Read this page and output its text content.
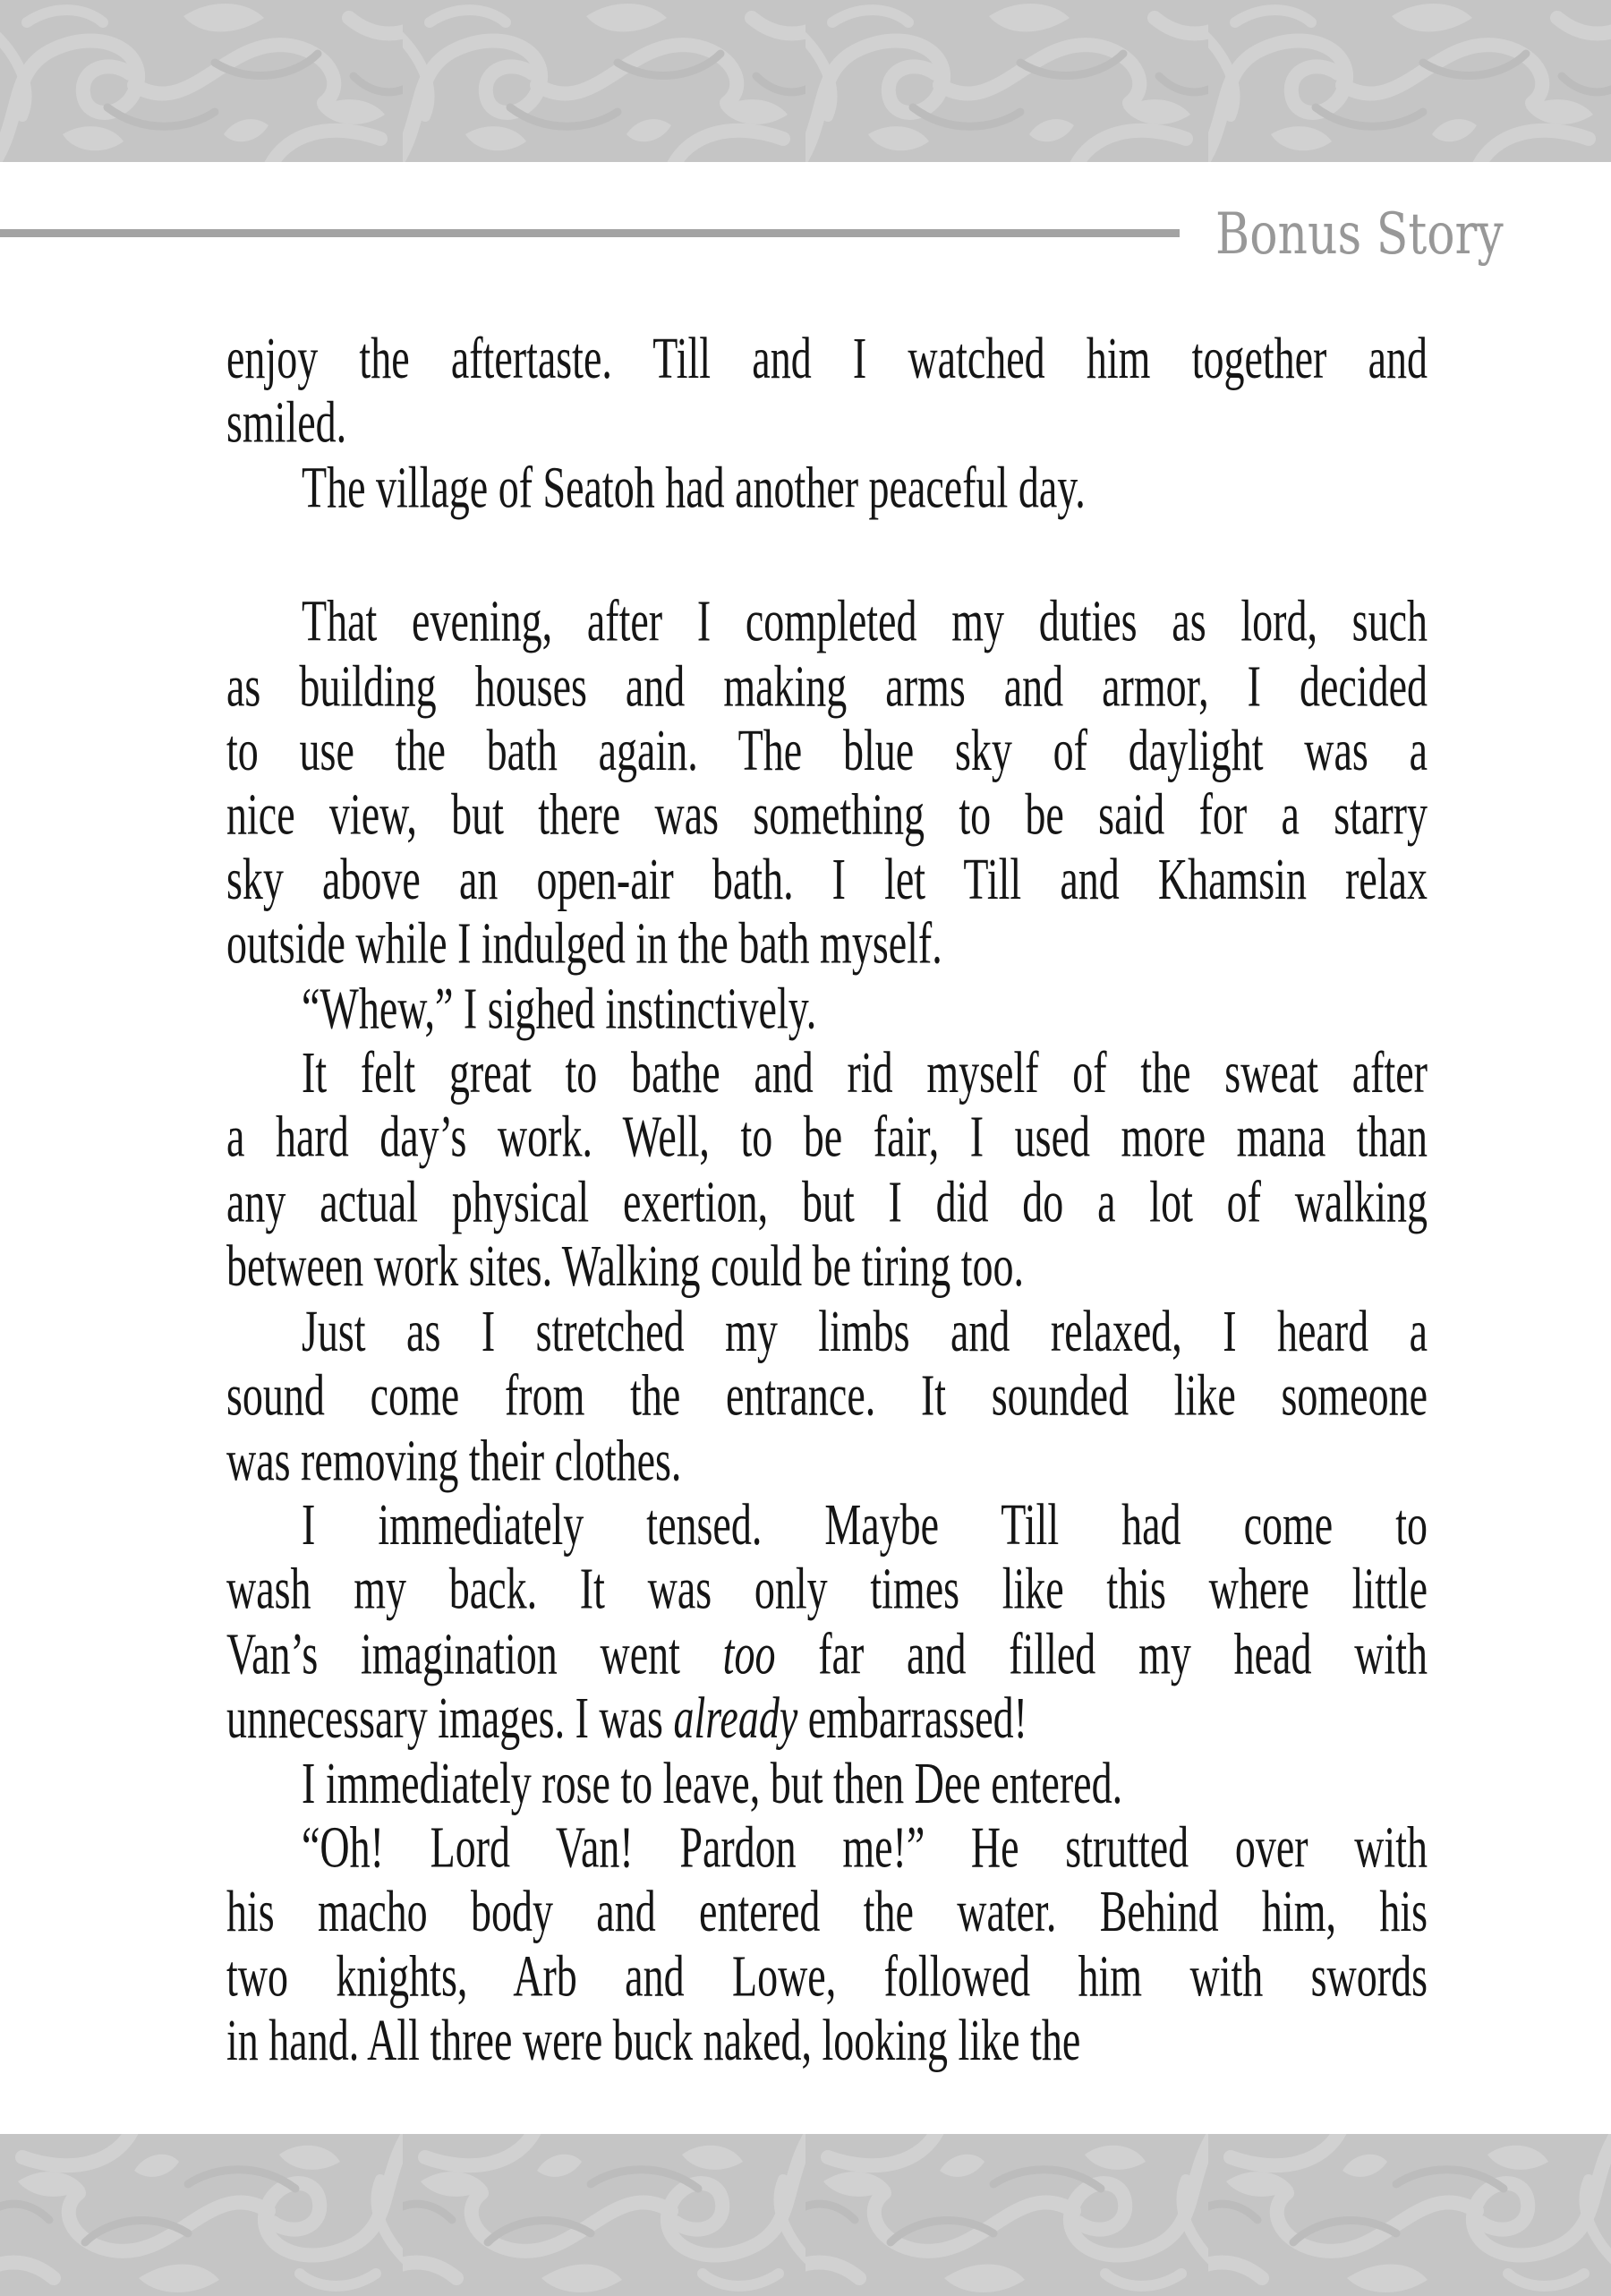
Bonus Story
enjoy the aftertaste. Till and I watched him together and
smiled.
The village of Seatoh had another peaceful day.
That evening, after I completed my duties as lord, such
as building houses and making arms and armor, I decided
to use the bath again. The blue sky of daylight was a
nice view, but there was something to be said for a starry
sky above an open-air bath. I let Till and Khamsin relax
outside while I indulged in the bath myself.
“Whew,” I sighed instinctively.
It felt great to bathe and rid myself of the sweat after
a hard day’s work. Well, to be fair, I used more mana than
any actual physical exertion, but I did do a lot of walking
between work sites. Walking could be tiring too.
Just as I stretched my limbs and relaxed, I heard a
sound come from the entrance. It sounded like someone
was removing their clothes.
I immediately tensed. Maybe Till had come to
wash my back. It was only times like this where little
Van’s imagination went too far and filled my head with
unnecessary images. I was already embarrassed!
I immediately rose to leave, but then Dee entered.
“Oh! Lord Van! Pardon me!” He strutted over with
his macho body and entered the water. Behind him, his
two knights, Arb and Lowe, followed him with swords
in hand. All three were buck naked, looking like the
